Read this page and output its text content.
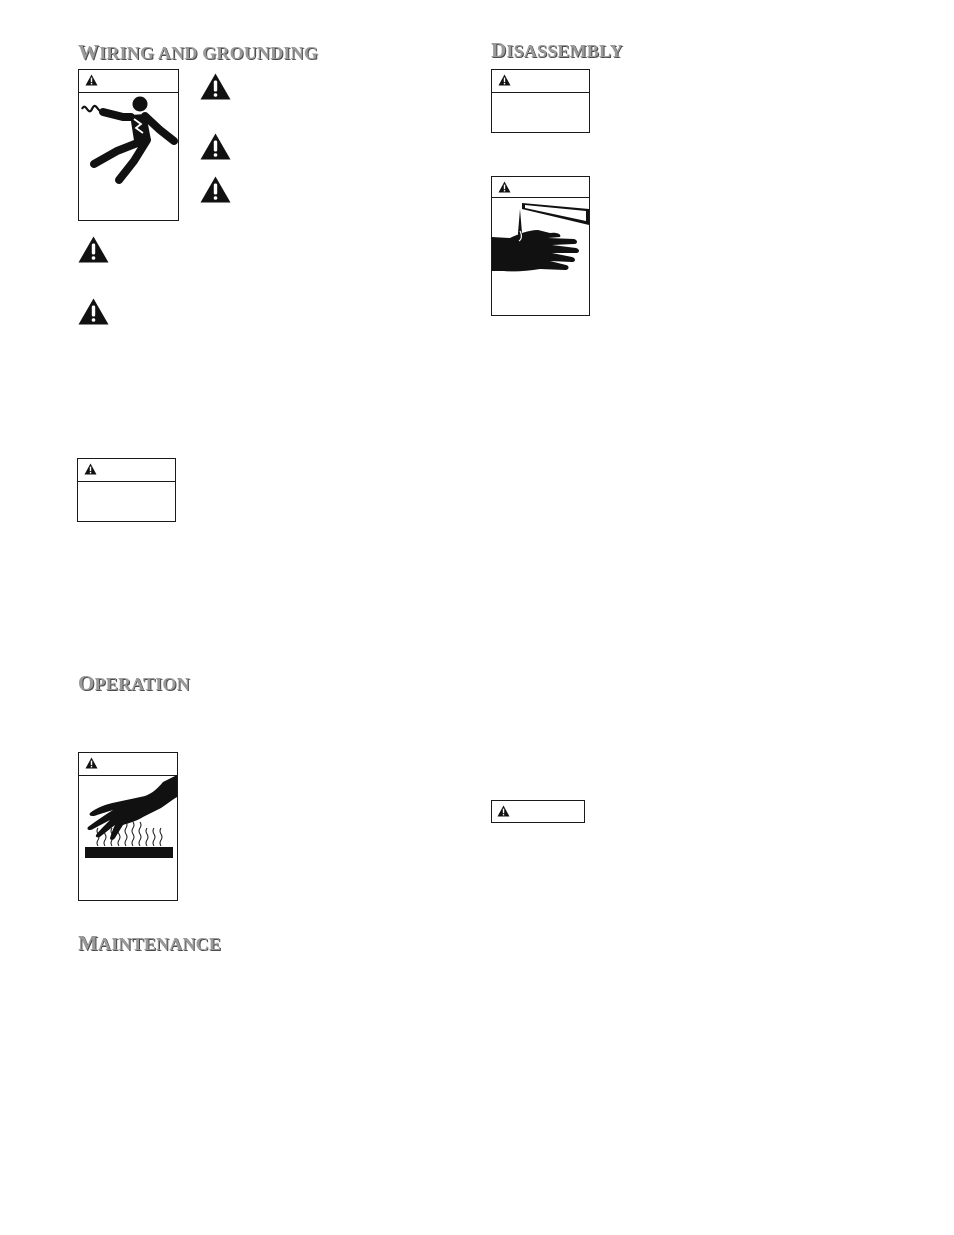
WIRING AND GROUNDING
OPERATION
MAINTENANCE
DISASSEMBLY
